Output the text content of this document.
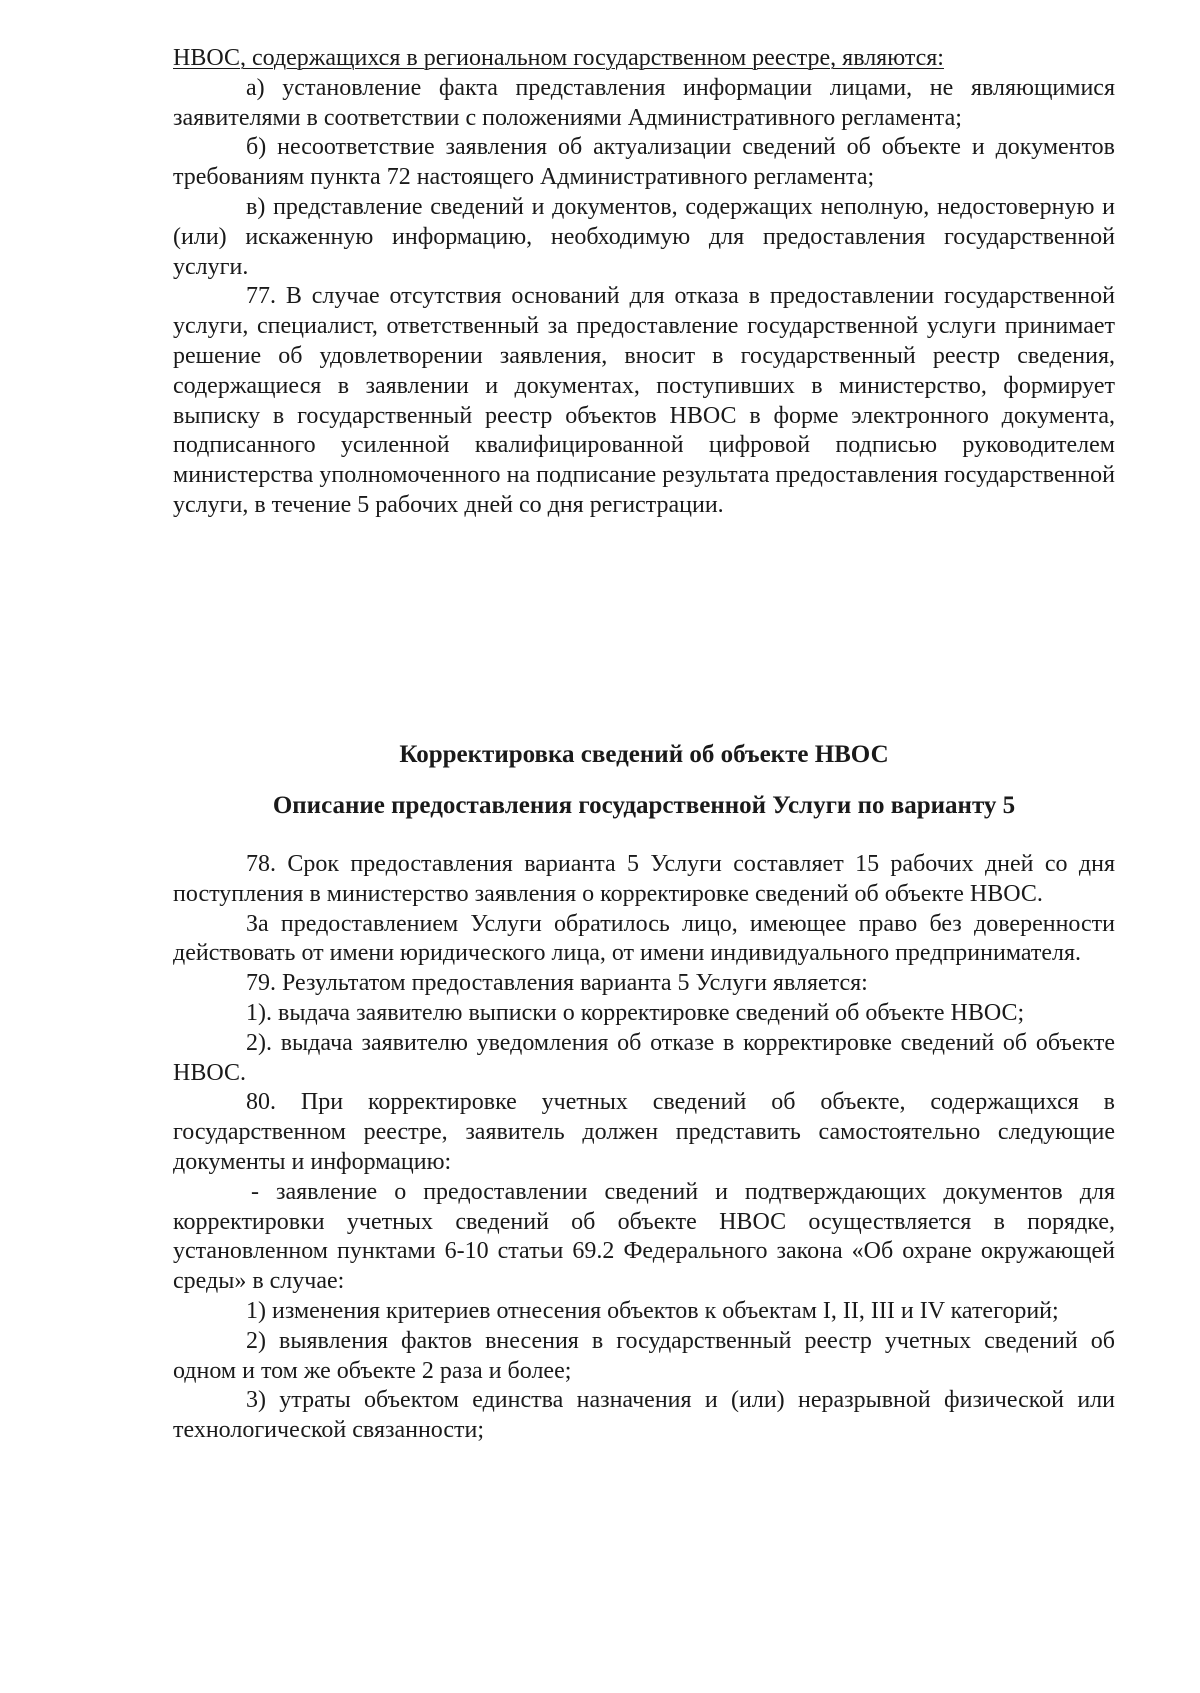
НВОС, содержащихся в региональном государственном реестре, являются:

а) установление факта представления информации лицами, не являющимися заявителями в соответствии с положениями Административного регламента;

б) несоответствие заявления об актуализации сведений об объекте и документов требованиям пункта 72 настоящего Административного регламента;

в) представление сведений и документов, содержащих неполную, недостоверную и (или) искаженную информацию, необходимую для предоставления государственной услуги.

77. В случае отсутствия оснований для отказа в предоставлении государственной услуги, специалист, ответственный за предоставление государственной услуги принимает решение об удовлетворении заявления, вносит в государственный реестр сведения, содержащиеся в заявлении и документах, поступивших в министерство, формирует выписку в государственный реестр объектов НВОС в форме электронного документа, подписанного усиленной квалифицированной цифровой подписью руководителем министерства уполномоченного на подписание результата предоставления государственной услуги, в течение 5 рабочих дней со дня регистрации.

Корректировка сведений об объекте НВОС
Описание предоставления государственной Услуги по варианту 5

78. Срок предоставления варианта 5 Услуги составляет 15 рабочих дней со дня поступления в министерство заявления о корректировке сведений об объекте НВОС.

За предоставлением Услуги обратилось лицо, имеющее право без доверенности действовать от имени юридического лица, от имени индивидуального предпринимателя.

79. Результатом предоставления варианта 5 Услуги является:

1). выдача заявителю выписки о корректировке сведений об объекте НВОС;

2). выдача заявителю уведомления об отказе в корректировке сведений об объекте НВОС.

80. При корректировке учетных сведений об объекте, содержащихся в государственном реестре, заявитель должен представить самостоятельно следующие документы и информацию:

- заявление о предоставлении сведений и подтверждающих документов для корректировки учетных сведений об объекте НВОС осуществляется в порядке, установленном пунктами 6-10 статьи 69.2 Федерального закона «Об охране окружающей среды» в случае:

1) изменения критериев отнесения объектов к объектам I, II, III и IV категорий;

2) выявления фактов внесения в государственный реестр учетных сведений об одном и том же объекте 2 раза и более;

3) утраты объектом единства назначения и (или) неразрывной физической или технологической связанности;
